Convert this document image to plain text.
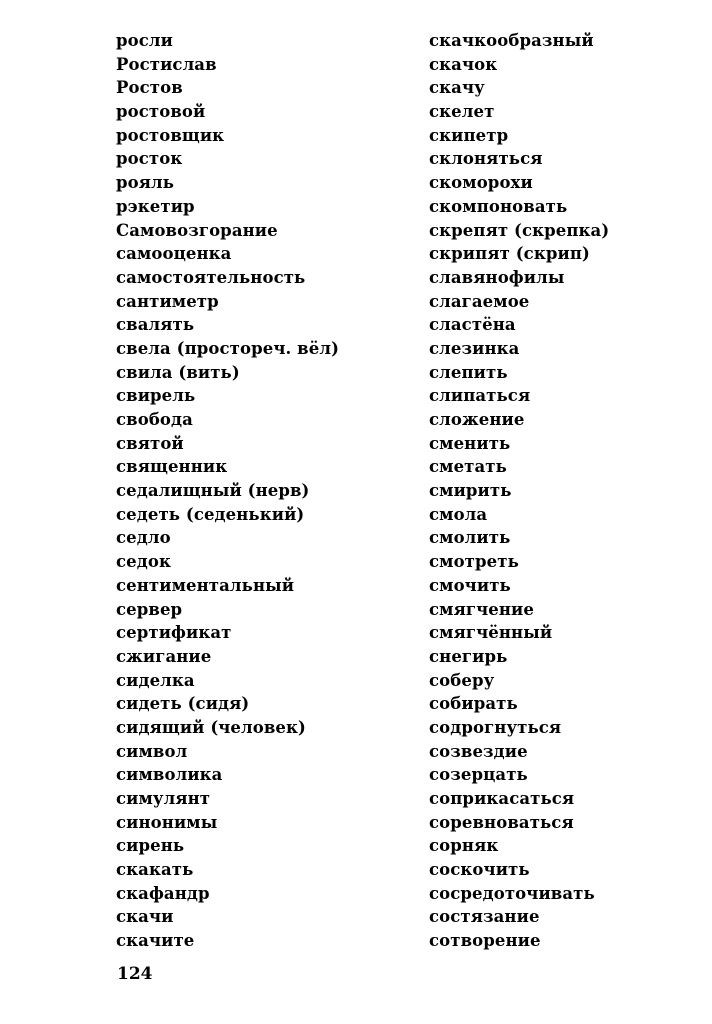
росли
Ростислав
Ростов
ростовой
ростовщик
росток
рояль
рэкетир
Самовозгорание
самооценка
самостоятельность
сантиметр
свалять
свела (простореч. вёл)
свила (вить)
свирель
свобода
святой
священник
седалищный (нерв)
седеть (седенький)
седло
седок
сентиментальный
сервер
сертификат
сжигание
сиделка
сидеть (сидя)
сидящий (человек)
символ
символика
симулянт
синонимы
сирень
скакать
скафандр
скачи
скачите
скачкообразный
скачок
скачу
скелет
скипетр
склоняться
скоморохи
скомпоновать
скрепят (скрепка)
скрипят (скрип)
славянофилы
слагаемое
сластёна
слезинка
слепить
слипаться
сложение
сменить
сметать
смирить
смола
смолить
смотреть
смочить
смягчение
смягчённый
снегирь
соберу
собирать
содрогнуться
созвездие
созерцать
соприкасаться
соревноваться
сорняк
соскочить
сосредоточивать
состязание
сотворение
124
